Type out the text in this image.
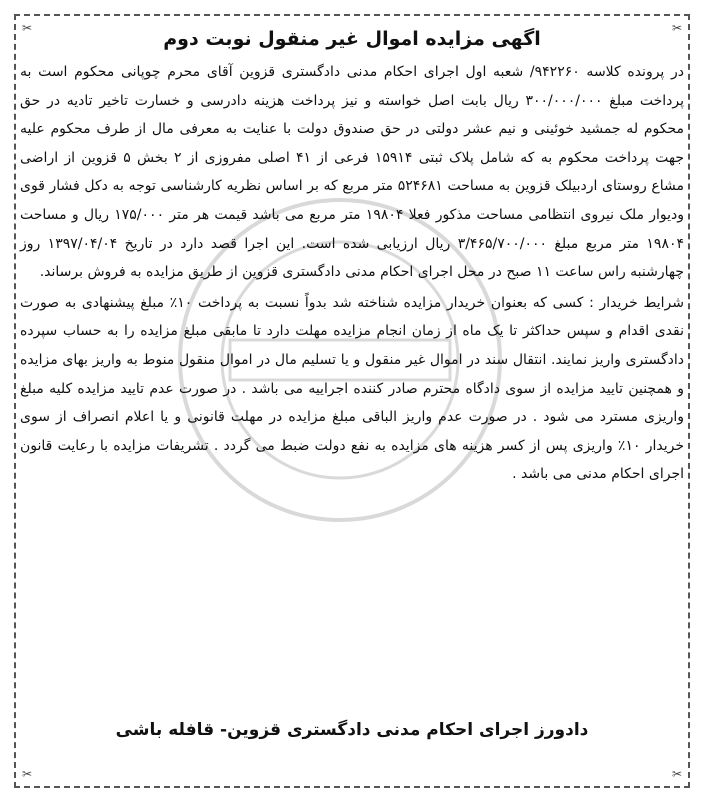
✂	✂
✂	✂
اگهی مزایده اموال غیر منقول نوبت دوم

در پرونده کلاسه ۹۴۲۲۶۰/ شعبه اول اجرای احکام مدنی دادگستری قزوین آقای محرم چوپانی محکوم است به پرداخت مبلغ ۳۰۰/۰۰۰/۰۰۰ ریال بابت اصل خواسته و نیز پرداخت هزینه دادرسی و خسارت تاخیر تادیه در حق محکوم له جمشید خوئینی و نیم عشر دولتی در حق صندوق دولت با عنایت به معرفی مال از طرف محکوم علیه جهت پرداخت محکوم به که شامل پلاک ثبتی ۱۵۹۱۴ فرعی از ۴۱ اصلی مفروزی از ۲ بخش ۵ قزوین از اراضی مشاع روستای اردبیلک قزوین به مساحت ۵۲۴۶۸۱ متر مربع که بر اساس نظریه کارشناسی توجه به دکل فشار قوی ودیوار ملک نیروی انتظامی مساحت مذکور فعلا ۱۹۸۰۴ متر مربع می باشد قیمت هر متر ۱۷۵/۰۰۰ ریال و مساحت ۱۹۸۰۴ متر مربع مبلغ ۳/۴۶۵/۷۰۰/۰۰۰ ریال ارزیابی شده است. این اجرا قصد دارد در تاریخ ۱۳۹۷/۰۴/۰۴ روز چهارشنبه راس ساعت ۱۱ صبح در محل اجرای احکام مدنی دادگستری قزوین از طریق مزایده به فروش برساند.

شرایط خریدار : کسی که بعنوان خریدار مزایده شناخته شد بدواً نسبت به پرداخت ۱۰٪ مبلغ پیشنهادی به صورت نقدی اقدام و سپس حداکثر تا یک ماه از زمان انجام مزایده مهلت دارد تا مابقی مبلغ مزایده را به حساب سپرده دادگستری واریز نمایند. انتقال سند در اموال غیر منقول و یا تسلیم مال در اموال منقول منوط به واریز بهای مزایده و همچنین تایید مزایده از سوی دادگاه محترم صادر کننده اجراییه می باشد . در صورت عدم تایید مزایده کلیه مبلغ واریزی مسترد می شود . در صورت عدم واریز الباقی مبلغ مزایده در مهلت قانونی و یا اعلام انصراف از سوی خریدار ۱۰٪ واریزی پس از کسر هزینه های مزایده به نفع دولت ضبط می گردد . تشریفات مزایده با رعایت قانون اجرای احکام مدنی می باشد .

دادورز اجرای احکام مدنی دادگستری قزوین- قافله باشی
